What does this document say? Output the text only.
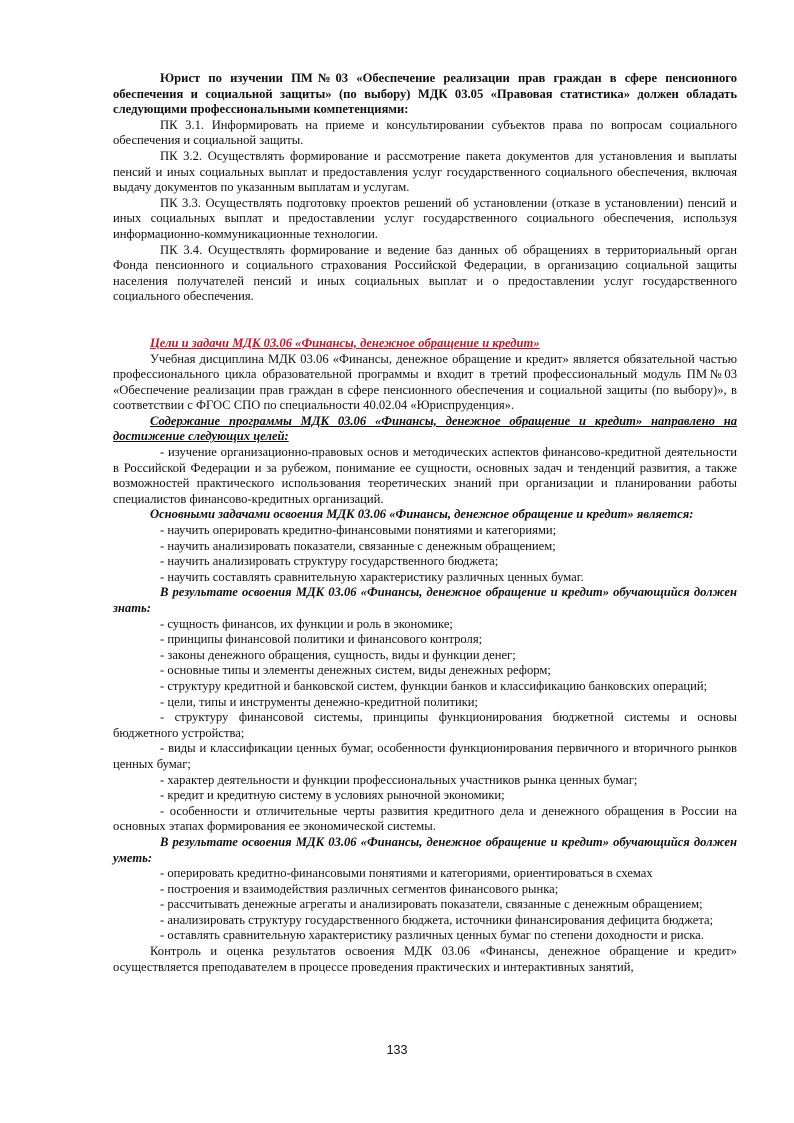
Юрист по изучении ПМ№03 «Обеспечение реализации прав граждан в сфере пенсионного обеспечения и социальной защиты» (по выбору) МДК 03.05 «Правовая статистика» должен обладать следующими профессиональными компетенциями:

ПК 3.1. Информировать на приеме и консультировании субъектов права по вопросам социального обеспечения и социальной защиты.

ПК 3.2. Осуществлять формирование и рассмотрение пакета документов для установления и выплаты пенсий и иных социальных выплат и предоставления услуг государственного социального обеспечения, включая выдачу документов по указанным выплатам и услугам.

ПК 3.3. Осуществлять подготовку проектов решений об установлении (отказе в установлении) пенсий и иных социальных выплат и предоставлении услуг государственного социального обеспечения, используя информационно-коммуникационные технологии.

ПК 3.4. Осуществлять формирование и ведение баз данных об обращениях в территориальный орган Фонда пенсионного и социального страхования Российской Федерации, в организацию социальной защиты населения получателей пенсий и иных социальных выплат и о предоставлении услуг государственного социального обеспечения.

Цели и задачи МДК 03.06 «Финансы, денежное обращение и кредит»

Учебная дисциплина МДК 03.06 «Финансы, денежное обращение и кредит» является обязательной частью профессионального цикла образовательной программы и входит в третий профессиональный модуль ПМ№03 «Обеспечение реализации прав граждан в сфере пенсионного обеспечения и социальной защиты (по выбору)», в соответствии с ФГОС СПО по специальности 40.02.04 «Юриспруденция».

Содержание программы МДК 03.06 «Финансы, денежное обращение и кредит» направлено на достижение следующих целей:

- изучение организационно-правовых основ и методических аспектов финансово-кредитной деятельности в Российской Федерации и за рубежом, понимание ее сущности, основных задач и тенденций развития, а также возможностей практического использования теоретических знаний при организации и планировании работы специалистов финансово-кредитных организаций.

Основными задачами освоения МДК 03.06 «Финансы, денежное обращение и кредит» является:

- научить оперировать кредитно-финансовыми понятиями и категориями;

- научить анализировать показатели, связанные с денежным обращением;

- научить анализировать структуру государственного бюджета;

- научить составлять сравнительную характеристику различных ценных бумаг.

В результате освоения МДК 03.06 «Финансы, денежное обращение и кредит» обучающийся должен знать:

- сущность финансов, их функции и роль в экономике;

- принципы финансовой политики и финансового контроля;

- законы денежного обращения, сущность, виды и функции денег;

- основные типы и элементы денежных систем, виды денежных реформ;

- структуру кредитной и банковской систем, функции банков и классификацию банковских операций;

- цели, типы и инструменты денежно-кредитной политики;

- структуру финансовой системы, принципы функционирования бюджетной системы и основы бюджетного устройства;

- виды и классификации ценных бумаг, особенности функционирования первичного и вторичного рынков ценных бумаг;

- характер деятельности и функции профессиональных участников рынка ценных бумаг;

- кредит и кредитную систему в условиях рыночной экономики;

- особенности и отличительные черты развития кредитного дела и денежного обращения в России на основных этапах формирования ее экономической системы.

В результате освоения МДК 03.06 «Финансы, денежное обращение и кредит» обучающийся должен уметь:

- оперировать кредитно-финансовыми понятиями и категориями, ориентироваться в схемах

- построения и взаимодействия различных сегментов финансового рынка;

- рассчитывать денежные агрегаты и анализировать показатели, связанные с денежным обращением;

- анализировать структуру государственного бюджета, источники финансирования дефицита бюджета;

- оставлять сравнительную характеристику различных ценных бумаг по степени доходности и риска.

Контроль и оценка результатов освоения МДК 03.06 «Финансы, денежное обращение и кредит» осуществляется преподавателем в процессе проведения практических и интерактивных занятий,

133
